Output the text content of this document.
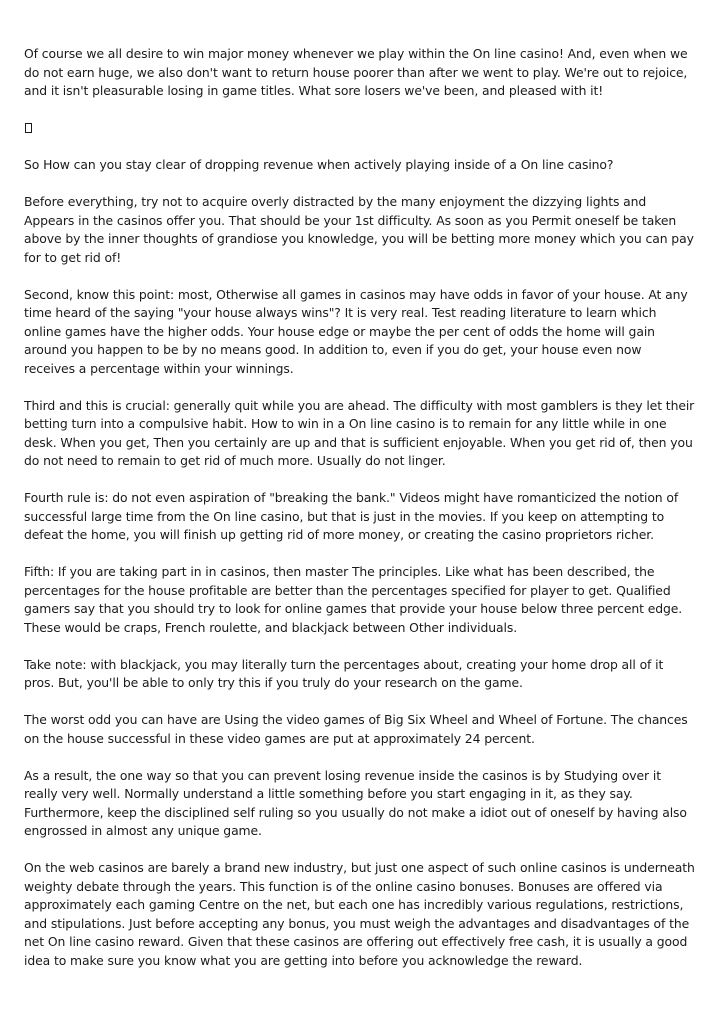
Of course we all desire to win major money whenever we play within the On line casino! And, even when we do not earn huge, we also don't want to return house poorer than after we went to play. We're out to rejoice, and it isn't pleasurable losing in game titles. What sore losers we've been, and pleased with it!

So How can you stay clear of dropping revenue when actively playing inside of a On line casino?

Before everything, try not to acquire overly distracted by the many enjoyment the dizzying lights and Appears in the casinos offer you. That should be your 1st difficulty. As soon as you Permit oneself be taken above by the inner thoughts of grandiose you knowledge, you will be betting more money which you can pay for to get rid of!

Second, know this point: most, Otherwise all games in casinos may have odds in favor of your house. At any time heard of the saying "your house always wins"? It is very real. Test reading literature to learn which online games have the higher odds. Your house edge or maybe the per cent of odds the home will gain around you happen to be by no means good. In addition to, even if you do get, your house even now receives a percentage within your winnings.

Third and this is crucial: generally quit while you are ahead. The difficulty with most gamblers is they let their betting turn into a compulsive habit. How to win in a On line casino is to remain for any little while in one desk. When you get, Then you certainly are up and that is sufficient enjoyable. When you get rid of, then you do not need to remain to get rid of much more. Usually do not linger.

Fourth rule is: do not even aspiration of "breaking the bank." Videos might have romanticized the notion of successful large time from the On line casino, but that is just in the movies. If you keep on attempting to defeat the home, you will finish up getting rid of more money, or creating the casino proprietors richer.

Fifth: If you are taking part in in casinos, then master The principles. Like what has been described, the percentages for the house profitable are better than the percentages specified for player to get. Qualified gamers say that you should try to look for online games that provide your house below three percent edge. These would be craps, French roulette, and blackjack between Other individuals.

Take note: with blackjack, you may literally turn the percentages about, creating your home drop all of it pros. But, you'll be able to only try this if you truly do your research on the game.

The worst odd you can have are Using the video games of Big Six Wheel and Wheel of Fortune. The chances on the house successful in these video games are put at approximately 24 percent.

As a result, the one way so that you can prevent losing revenue inside the casinos is by Studying over it really very well. Normally understand a little something before you start engaging in it, as they say. Furthermore, keep the disciplined self ruling so you usually do not make a idiot out of oneself by having also engrossed in almost any unique game.

On the web casinos are barely a brand new industry, but just one aspect of such online casinos is underneath weighty debate through the years. This function is of the online casino bonuses. Bonuses are offered via approximately each gaming Centre on the net, but each one has incredibly various regulations, restrictions, and stipulations. Just before accepting any bonus, you must weigh the advantages and disadvantages of the net On line casino reward. Given that these casinos are offering out effectively free cash, it is usually a good idea to make sure you know what you are getting into before you acknowledge the reward.
